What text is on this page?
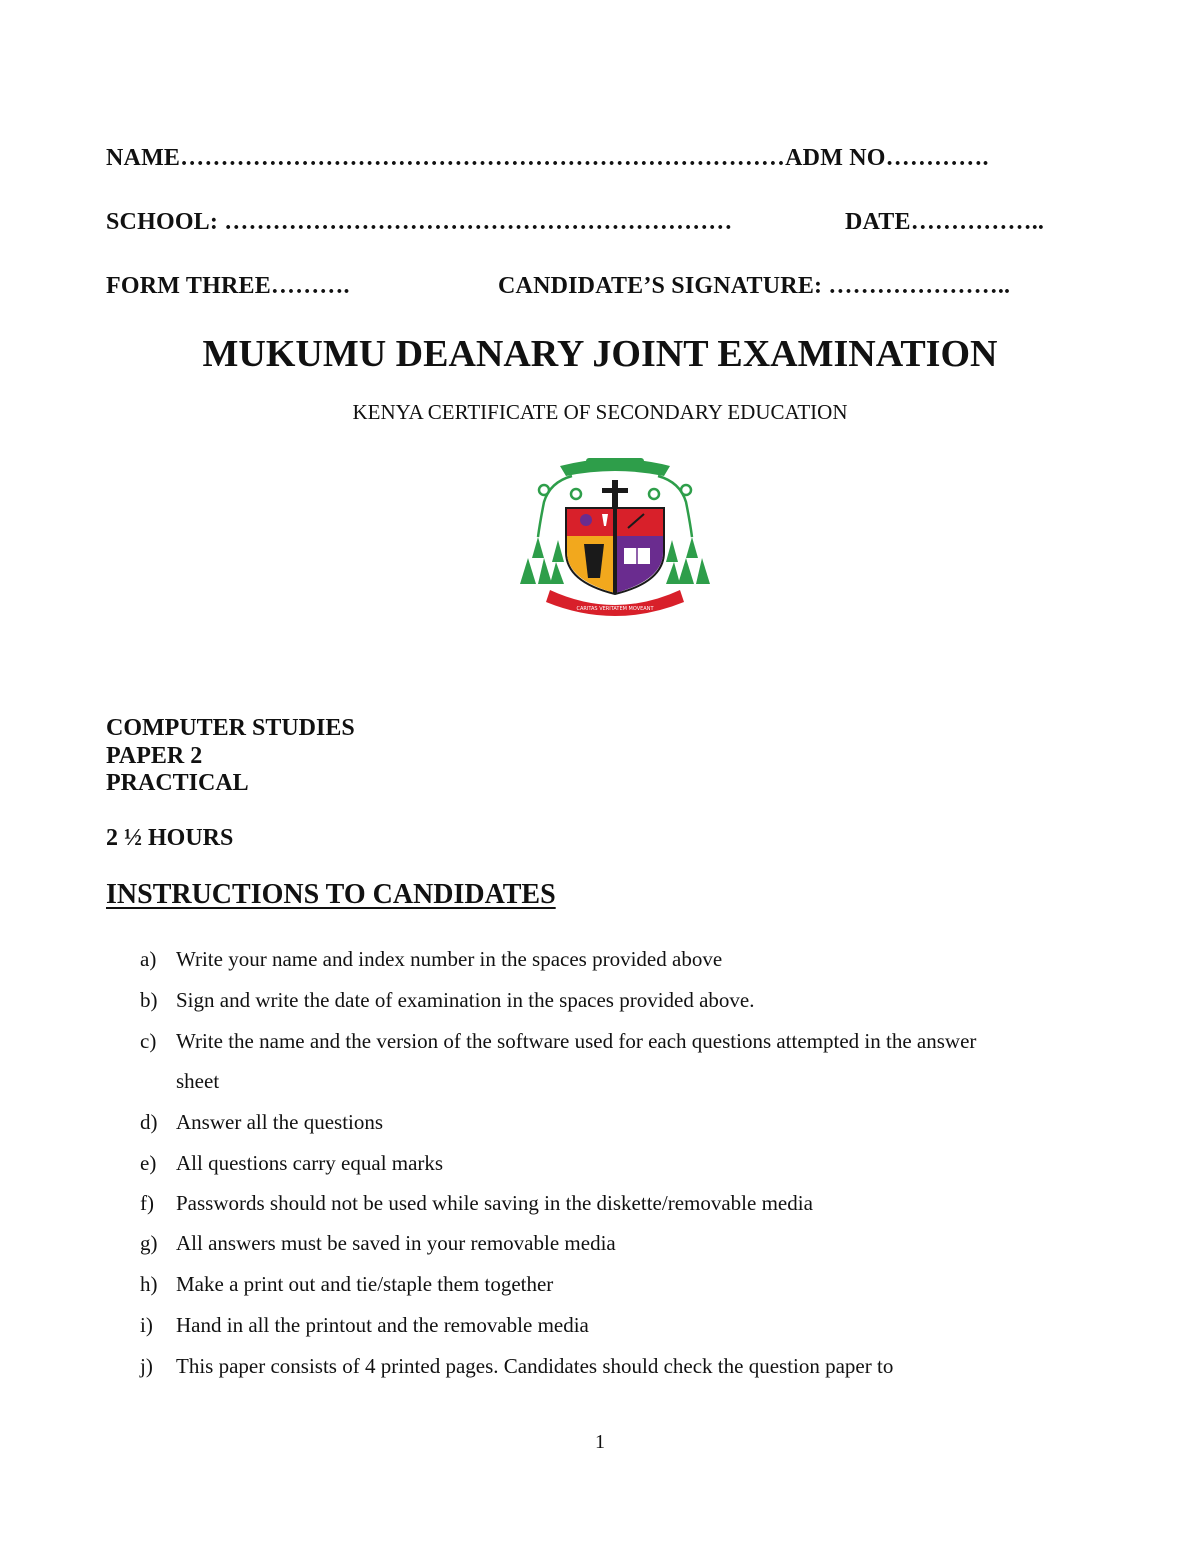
NAME…………………………………………………………………ADM NO………….
SCHOOL: ………………………………………………………	DATE……………..
FORM THREE……….	CANDIDATE’S SIGNATURE: …………………..
MUKUMU DEANARY JOINT EXAMINATION
KENYA CERTIFICATE OF SECONDARY EDUCATION
CARITAS VERITATEM MOVEANT
COMPUTER STUDIES
PAPER 2
PRACTICAL
2 ½ HOURS
INSTRUCTIONS TO CANDIDATES
a) Write your name and index number in the spaces provided above
b) Sign and write the date of examination in the spaces provided above.
c) Write the name and the version of the software used for each questions attempted in the answer
sheet
d) Answer all the questions
e) All questions carry equal marks
f) Passwords should not be used while saving in the diskette/removable media
g) All answers must be saved in your removable media
h) Make a print out and tie/staple them together
i) Hand in all the printout and the removable media
j) This paper consists of 4 printed pages. Candidates should check the question paper to
1
